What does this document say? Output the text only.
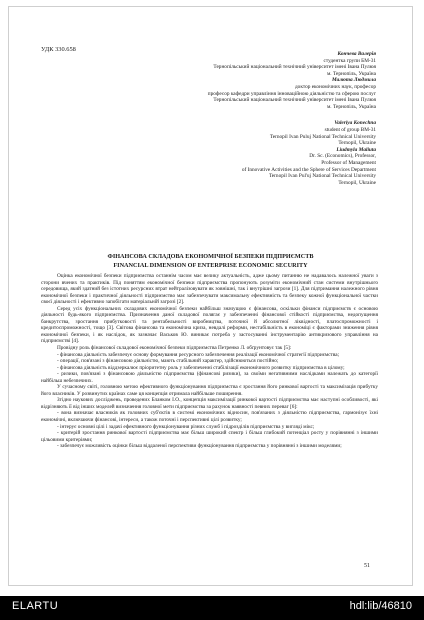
УДК 330.658
Кончева Валерія
студентка групи БМ-31
Тернопільський національний технічний університет імені Івана Пулюя
м. Тернопіль, Україна
Малюта Людмила
доктор економічних наук, професор
професор кафедри управління інноваційною діяльністю та сферою послуг
Тернопільський національний технічний університет імені Івана Пулюя
м. Тернопіль, Україна
Valeriya Konechna
student of group BM-31
Ternopil Ivan Puluj National Technical University
Ternopil, Ukraine
Liudmyla Maliuta
Dr. Sc. (Economics), Professor,
Professor of Management
of Innovative Activities and the Sphere of Services Department
Ternopil Ivan Pul'uj National Technical University
Ternopil, Ukraine
ФІНАНСОВА СКЛАДОВА ЕКОНОМІЧНОЇ БЕЗПЕКИ ПІДПРИЄМСТВ
FINANCIAL DIMENSION OF ENTERPRISE ECONOMIC SECURITY

Оцінка економічної безпеки підприємства останнім часом має велику актуальність, адже цьому питанню не надавалось належної уваги з сторони вчених та практиків. Під поняттям економічної безпеки підприємства пропонують розуміти економічний стан системи внутрішнього середовища, який здатний без істотних ресурсних втрат нейтралізовувати як зовнішні, так і внутрішні загрози [1]. Для підтримання належного рівня економічної безпеки і практичної діяльності підприємство має забезпечувати максимальну ефективність та безпеку кожної функціональної частки своєї діяльності і ефективно запобігати матеріальній загрозі [2].

Серед усіх функціональних складових економічної безпеки найбільш значущою є фінансова, оскільки фінанси підприємств є основою діяльності будь-якого підприємства. Призначення даної складової полягає у забезпеченні фінансової стійкості підприємства, недопущення банкрутства, зростання прибутковості та рентабельності виробництва, поточної й абсолютної ліквідності, платоспроможності і кредитоспроможності, тощо [3]. Світова фінансова та економічна криза, невдалі реформи, нестабільність в економіці є факторами зниження рівня економічної безпеки, і як наслідок, як зазначає Васьков Ю. виникає потреба у застосуванні інструментарію антикризового управління на підприємстві [4].

Провідну роль фінансової складової економічної безпеки підприємства Петренко Л. обґрунтовує так [5]:

- фінансова діяльність забезпечує основу формування ресурсного забезпечення реалізації економічної стратегії підприємства;

- операції, пов'язані з фінансовою діяльністю, мають стабільний характер, здійснюються постійно;

- фінансова діяльність віддзеркалює пріоритетну роль у забезпеченні стабілізації економічного розвитку підприємства в цілому;

- ризики, пов'язані з фінансовою діяльністю підприємства (фінансові ризики), за своїми негативними наслідками належать до категорії найбільш небезпечних.

У сучасному світі, головною метою ефективного функціонування підприємства є зростання його ринкової вартості та максимізація прибутку його власників. У розвинутих країнах саме ця концепція отримала найбільше поширення.

Згідно наукових досліджень, проведених Бланком І.О., концепція максимізації ринкової вартості підприємства має наступні особливості, які відрізняють її від інших моделей визначення головної мети підприємства за рахунок наявності певних переваг [6]:

- вона визначає власників як головних суб'єктів в системі економічних відносин, пов'язаних з діяльністю підприємства, гармонізує їхні економічні, включаючи фінансові, інтереси, а також поточні і перспективні цілі розвитку;

- інтерує основні цілі і задачі ефективного функціонування різних служб і підрозділів підприємства у вигляді мікс;

- критерій зростання ринкової вартості підприємства має більш широкий спектр і більш глибокий потенціал росту у порівнянні з іншими цільовими критеріями;

- забезпечує можливість оцінки більш віддаленої перспективи функціонування підприємства у порівнянні з іншими моделями;

51
ELARTU	hdl:lib/46810
